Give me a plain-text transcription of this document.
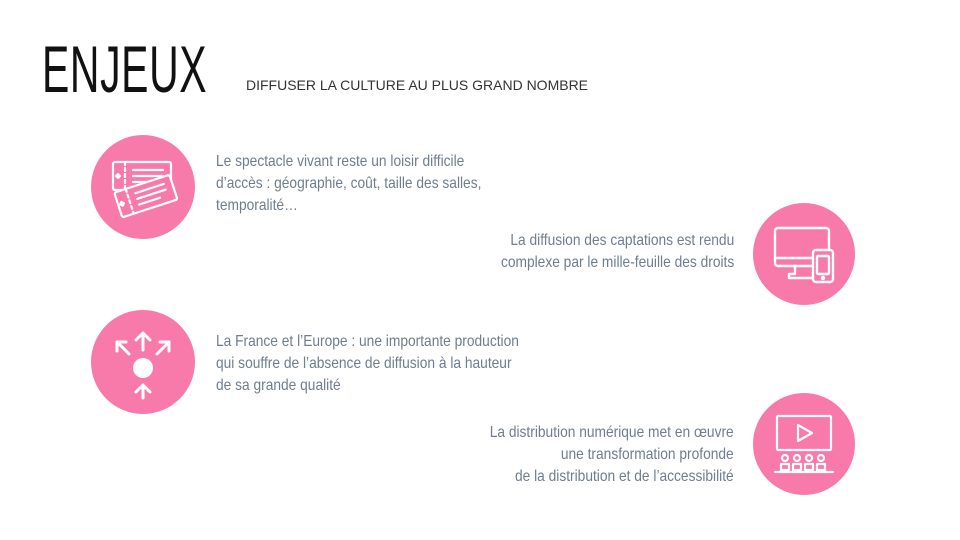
ENJEUX	DIFFUSER LA CULTURE AU PLUS GRAND NOMBRE
Le spectacle vivant reste un loisir difficile
d’accès : géographie, coût, taille des salles,
temporalité…
La diffusion des captations est rendu
complexe par le mille-feuille des droits
La France et l’Europe : une importante production
qui souffre de l’absence de diffusion à la hauteur
de sa grande qualité
La distribution numérique met en œuvre
une transformation profonde
de la distribution et de l’accessibilité
